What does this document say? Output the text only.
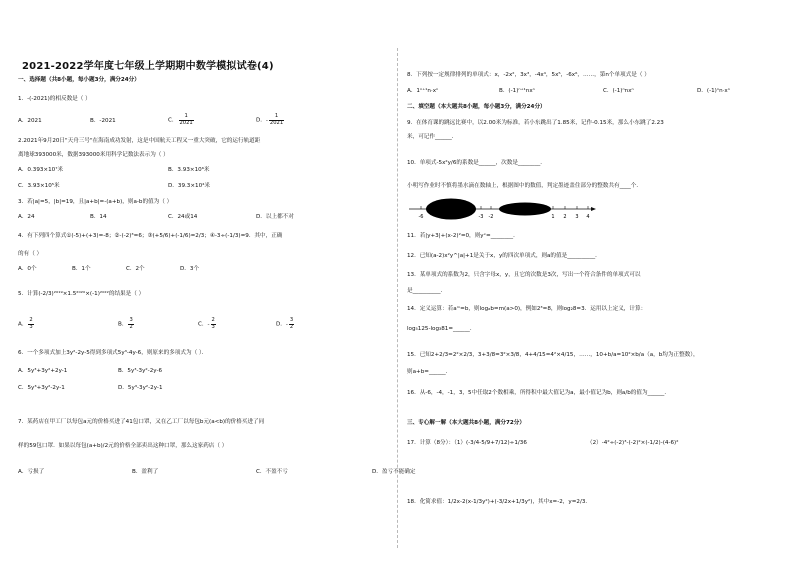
2021-2022学年度七年级上学期期中数学模拟试卷(4)
一、选择题（共8小题，每小题3分，满分24分）
1．-(-2021)的相反数是（ ）
A．2021	B．-2021	C． $\frac{1}{2021}$	D．- $\frac{1}{2021}$
2.2021年9月20日"天舟三号"在海南成功发射，这是中国航天工程又一重大突破，它的运行轨道距
离地球393000米，数据393000米用科学记数法表示为（ ）
A．0.393×10⁷米	B．3.93×10⁶米
C．3.93×10⁵米	D．39.3×10⁴米
3．若|a|=5，|b|=19，且|a+b|=-(a+b)，则a-b的值为（ ）
A．24	B．14	C．24或14	D．以上都不对
4．有下列四个算式①(-5)+(+3)=-8；②-(-2)³=6；③(+5/6)+(-1/6)=2/3；④-3÷(-1/3)=9．其中，正确
的有（ ）
A．0个	B．1个	C．2个	D．3个
5．计算(-2/3)²⁰¹⁹×1.5²⁰²⁰×(-1)²⁰²²的结果是（ ）
A． $\frac{2}{3}$	B． $\frac{3}{2}$	C．- $\frac{2}{3}$	D．- $\frac{3}{2}$
6．一个多项式加上3y²-2y-5得到多项式5y³-4y-6，则原来的多项式为（ ）．
A．5y³+3y²+2y-1	B．5y³-3y²-2y-6
C．5y³+3y²-2y-1	D．5y³-3y²-2y-1
7．某药店在甲工厂以每包a元的价格买进了41包口罩，又在乙工厂以每包b元(a<b)的价格买进了同
样的59包口罩．如果以每包(a+b)/2元的价格全部卖出这种口罩，那么这家药店（ ）
A．亏损了	B．盈利了	C．不盈不亏	D．盈亏不能确定
8．下列按一定规律排列的单项式：x，-2x²，3x³，-4x⁴，5x⁵，-6x⁶，……，第n个单项式是（ ）
A．1ⁿ⁺¹n·xⁿ	B．(-1)ⁿ⁺¹nxⁿ	C．(-1)ⁿnxⁿ	D．(-1)ⁿn·xⁿ
二、填空题（本大题共8小题，每小题3分，满分24分）
9．在体育课的跳远比赛中，以2.00米为标准，若小东跳出了1.85米，记作-0.15米，那么小东跳了2.23
米，可记作______．
10．单项式-5x²y/6的系数是______，次数是________．
小明写作业时不慎将墨水滴在数轴上，根据图中的数值，判定墨迹盖住部分的整数共有____个．
-6	-3 -2	1 2 3 4
11．若|y+3|+(x-2)²=0，则yˣ=________．
12．已知(a-2)x²y^|a|+1是关于x，y的四次单项式，则a的值是__________．
13．某单项式的系数为2，只含字母x，y，且它的次数是3次，写出一个符合条件的单项式可以
是__________．
14．定义运算：若aᵐ=b，则logₐb=m(a>0)，例如2³=8，则log₂8=3．运用以上定义，计算：
log₅125-log₃81=______．
15．已知2+2/3=2²×2/3，3+3/8=3²×3/8，4+4/15=4²×4/15，……，10+b/a=10²×b/a（a，b均为正整数），
则a+b=______．
16．从-6，-4，-1，3，5中任取2个数相乘，所得积中最大值记为a，最小值记为b，则a/b的值为______．
三、专心解一解（本大题共8小题，满分72分）
17．计算（8分）：（1）(-3/4-5/9+7/12)÷1/36	（2）-4²÷(-2)³-(-2)²×(-1/2)-(4-6)²
18．化简求值：1/2x-2(x-1/3y²)+(-3/2x+1/3y²)，其中x=-2，y=2/3．
